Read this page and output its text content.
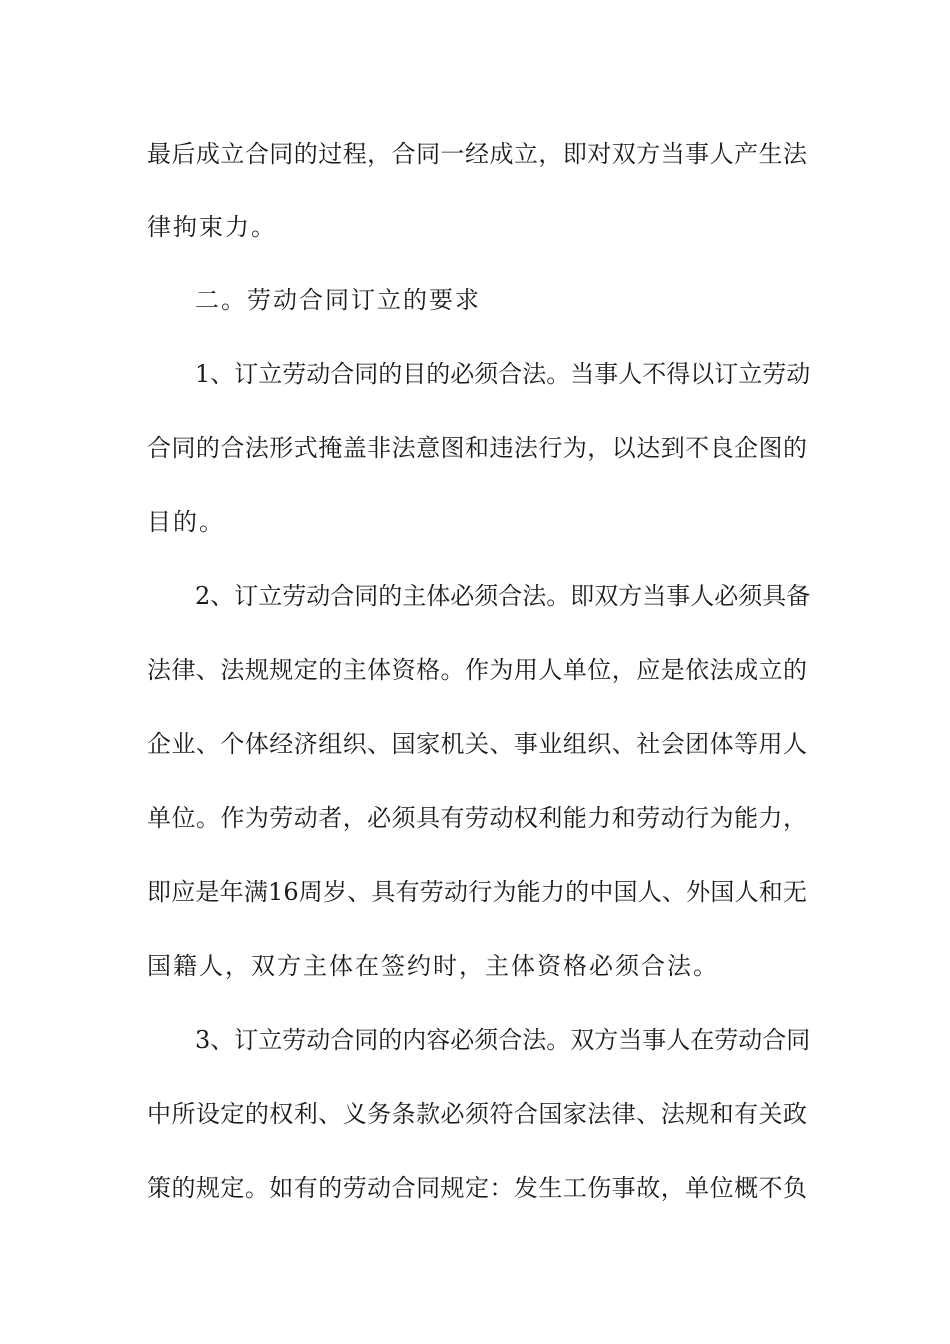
最后成立合同的过程，合同一经成立，即对双方当事人产生法
律拘束力。
二。劳动合同订立的要求
1、订立劳动合同的目的必须合法。当事人不得以订立劳动
合同的合法形式掩盖非法意图和违法行为，以达到不良企图的
目的。
2、订立劳动合同的主体必须合法。即双方当事人必须具备
法律、法规规定的主体资格。作为用人单位，应是依法成立的
企业、个体经济组织、国家机关、事业组织、社会团体等用人
单位。作为劳动者，必须具有劳动权利能力和劳动行为能力，
即应是年满16周岁、具有劳动行为能力的中国人、外国人和无
国籍人，双方主体在签约时，主体资格必须合法。
3、订立劳动合同的内容必须合法。双方当事人在劳动合同
中所设定的权利、义务条款必须符合国家法律、法规和有关政
策的规定。如有的劳动合同规定：发生工伤事故，单位概不负
